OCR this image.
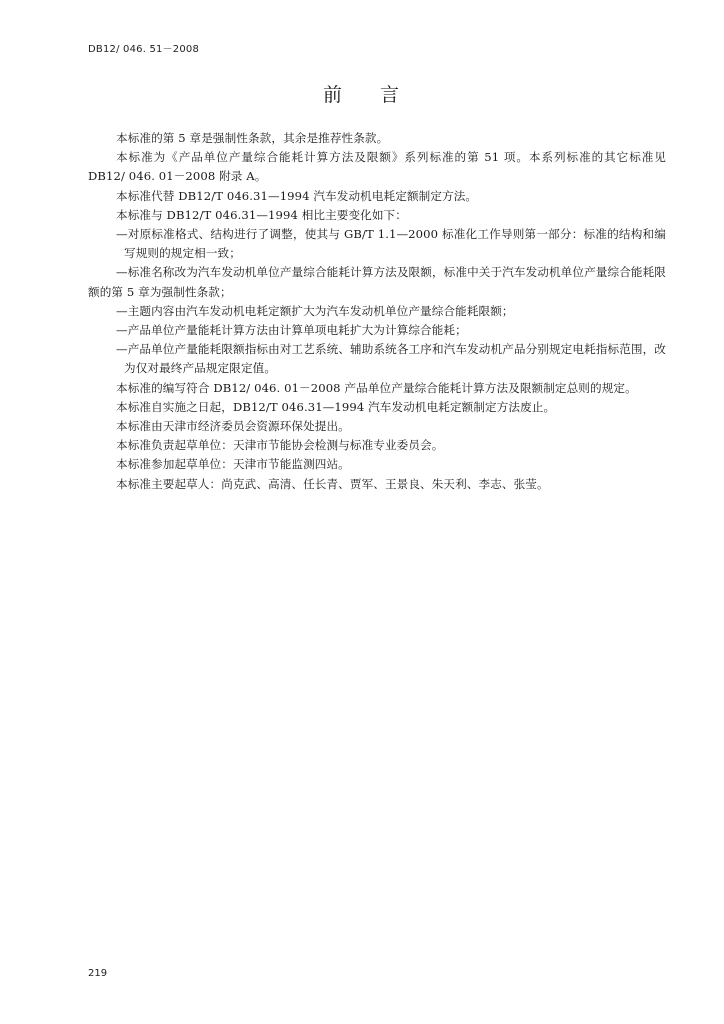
DB12/ 046. 51－2008
前 言

本标准的第 5 章是强制性条款，其余是推荐性条款。

本标准为《产品单位产量综合能耗计算方法及限额》系列标准的第 51 项。本系列标准的其它标准见 DB12/ 046. 01－2008 附录 A。

本标准代替 DB12/T 046.31—1994 汽车发动机电耗定额制定方法。

本标准与 DB12/T 046.31—1994 相比主要变化如下：

—对原标准格式、结构进行了调整，使其与 GB/T 1.1—2000 标准化工作导则第一部分：标准的结构和编写规则的规定相一致；

—标准名称改为汽车发动机单位产量综合能耗计算方法及限额，标准中关于汽车发动机单位产量综合能耗限额的第 5 章为强制性条款；

—主题内容由汽车发动机电耗定额扩大为汽车发动机单位产量综合能耗限额；

—产品单位产量能耗计算方法由计算单项电耗扩大为计算综合能耗；

—产品单位产量能耗限额指标由对工艺系统、辅助系统各工序和汽车发动机产品分别规定电耗指标范围，改为仅对最终产品规定限定值。

本标准的编写符合 DB12/ 046. 01－2008 产品单位产量综合能耗计算方法及限额制定总则的规定。

本标准自实施之日起，DB12/T 046.31—1994 汽车发动机电耗定额制定方法废止。

本标准由天津市经济委员会资源环保处提出。

本标准负责起草单位：天津市节能协会检测与标准专业委员会。

本标准参加起草单位：天津市节能监测四站。

本标准主要起草人：尚克武、高清、任长青、贾军、王景良、朱天利、李志、张莹。

219
